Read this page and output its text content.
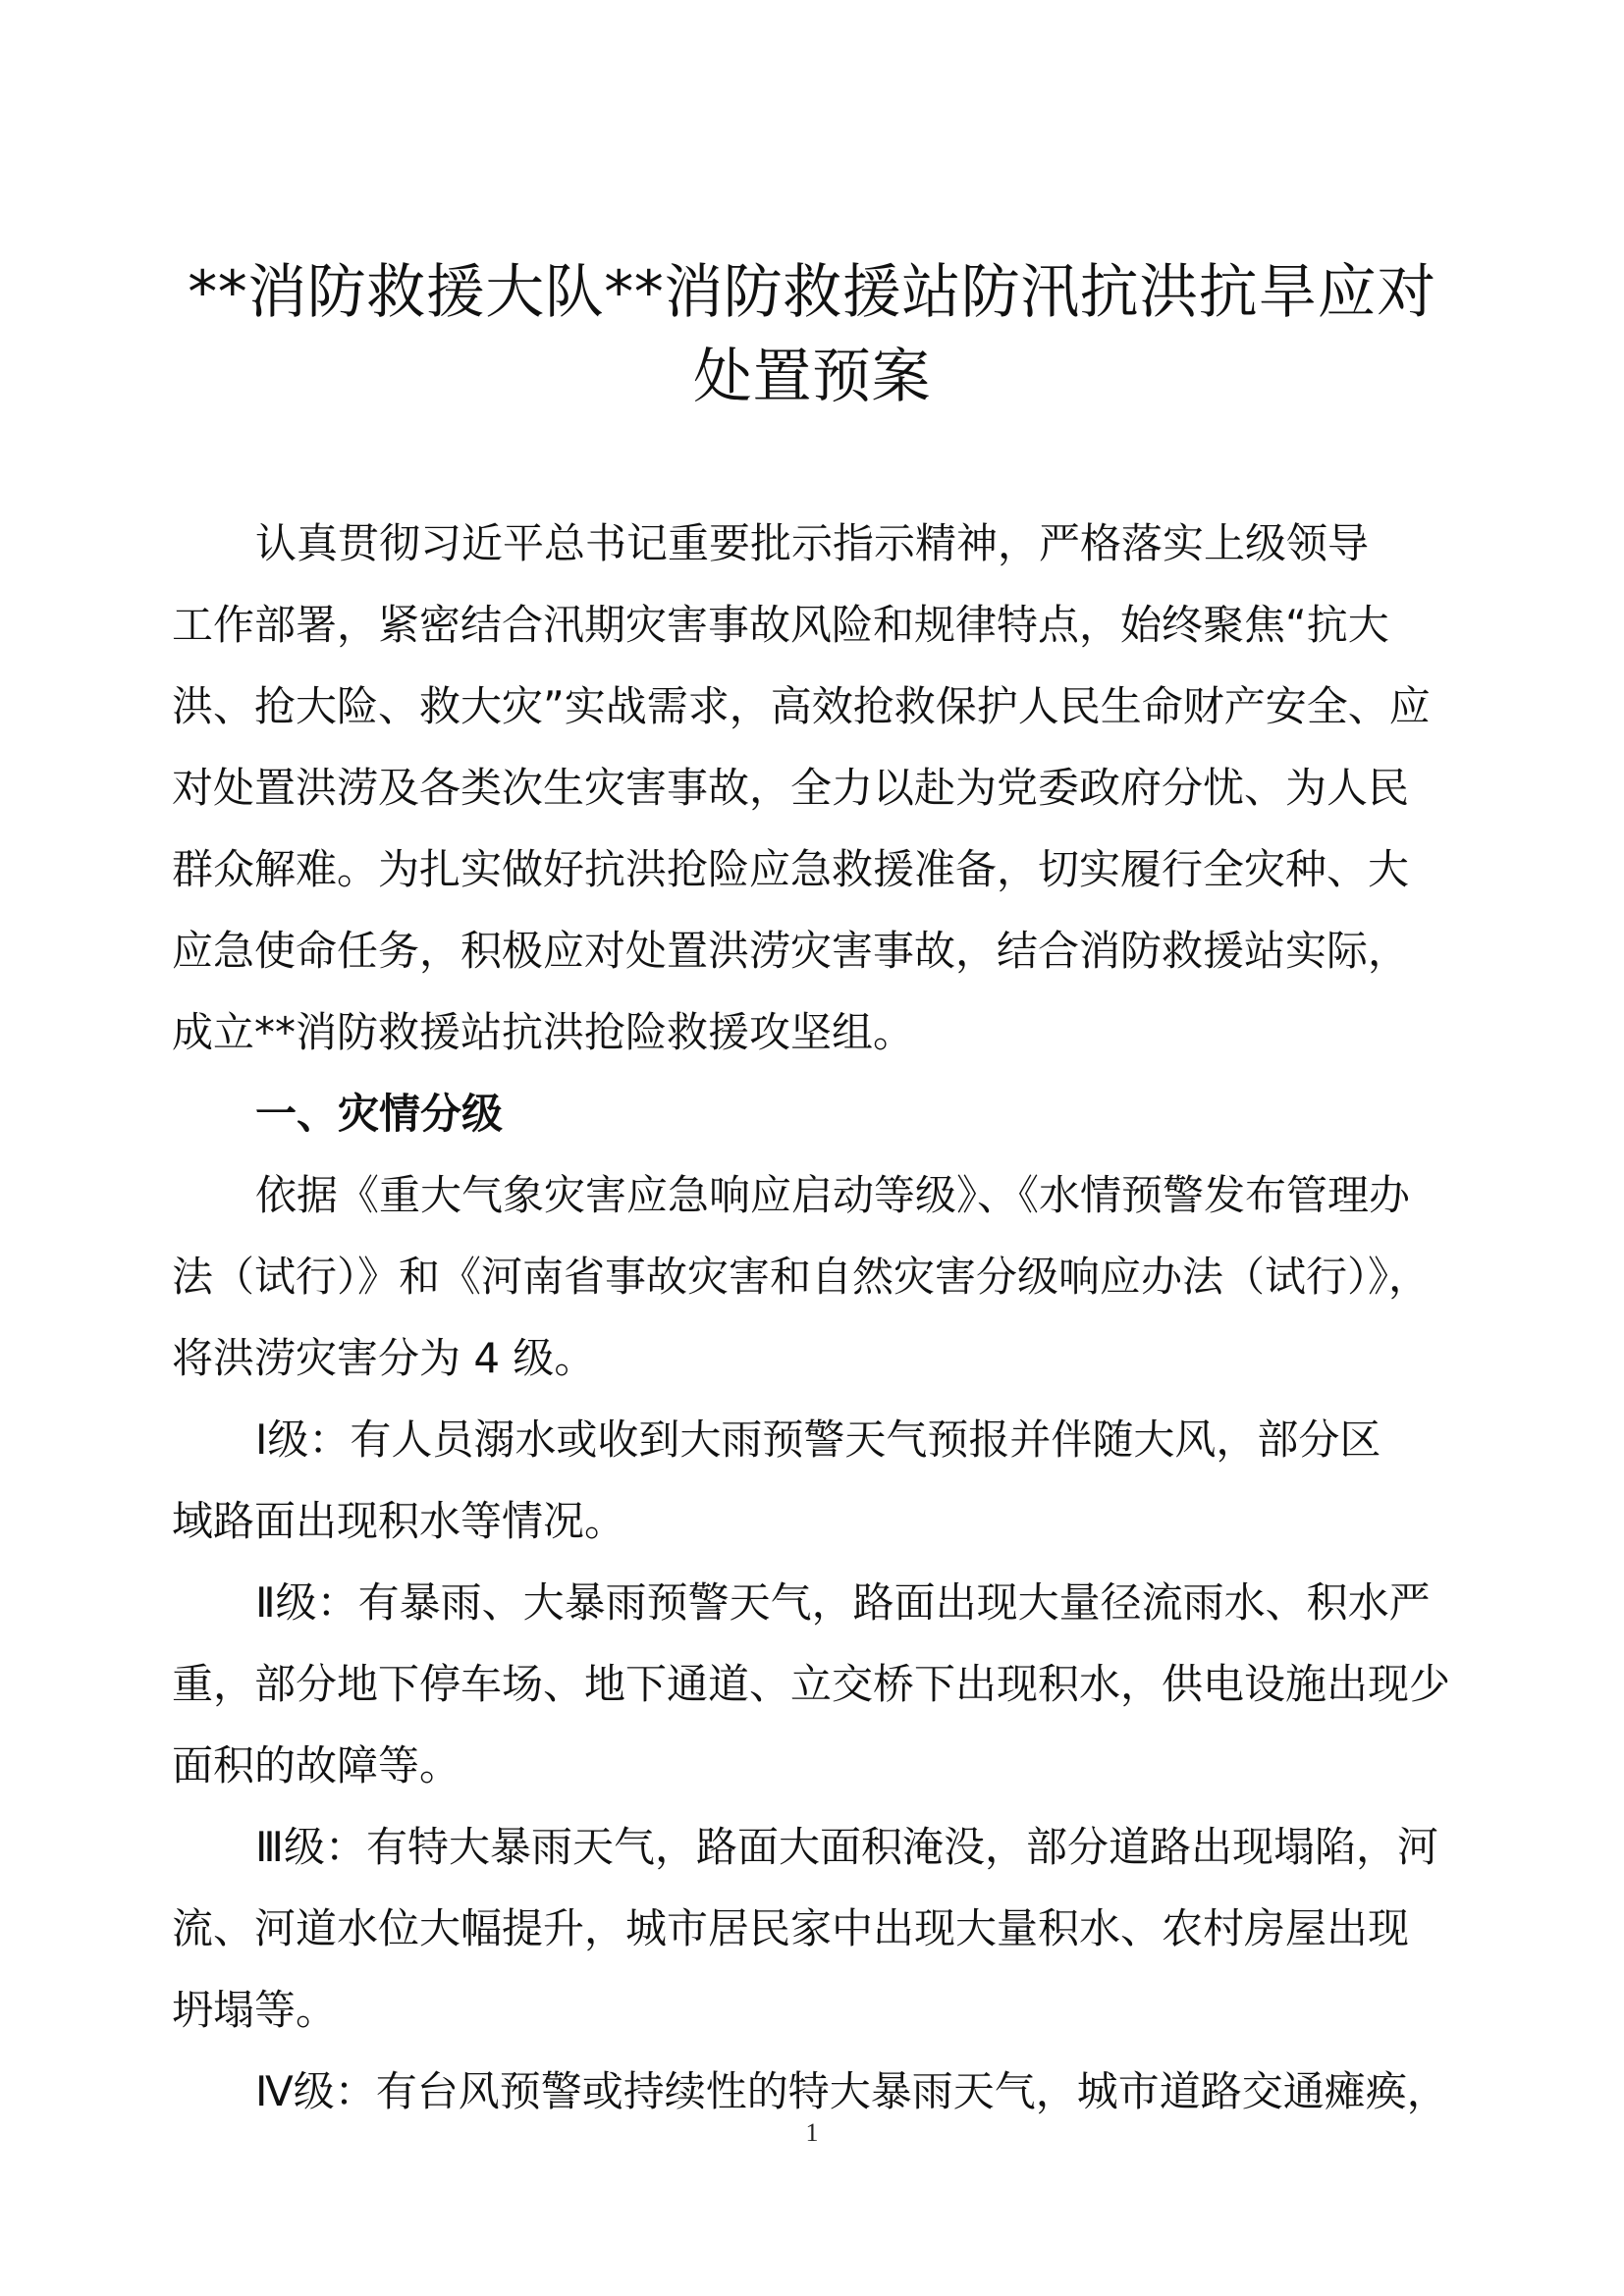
**消防救援大队**消防救援站防汛抗洪抗旱应对
处置预案

认真贯彻习近平总书记重要批示指示精神，严格落实上级领导

工作部署，紧密结合汛期灾害事故风险和规律特点，始终聚焦“抗大

洪、抢大险、救大灾”实战需求，高效抢救保护人民生命财产安全、应

对处置洪涝及各类次生灾害事故，全力以赴为党委政府分忧、为人民

群众解难。为扎实做好抗洪抢险应急救援准备，切实履行全灾种、大

应急使命任务，积极应对处置洪涝灾害事故，结合消防救援站实际，

成立**消防救援站抗洪抢险救援攻坚组。

一、灾情分级

依据《重大气象灾害应急响应启动等级》、《水情预警发布管理办

法（试行）》和《河南省事故灾害和自然灾害分级响应办法（试行）》，

将洪涝灾害分为 4 级。

Ⅰ级：有人员溺水或收到大雨预警天气预报并伴随大风，部分区

域路面出现积水等情况。

Ⅱ级：有暴雨、大暴雨预警天气，路面出现大量径流雨水、积水严

重，部分地下停车场、地下通道、立交桥下出现积水，供电设施出现少

面积的故障等。

Ⅲ级：有特大暴雨天气，路面大面积淹没，部分道路出现塌陷，河

流、河道水位大幅提升，城市居民家中出现大量积水、农村房屋出现

坍塌等。

Ⅳ级：有台风预警或持续性的特大暴雨天气，城市道路交通瘫痪，

1
